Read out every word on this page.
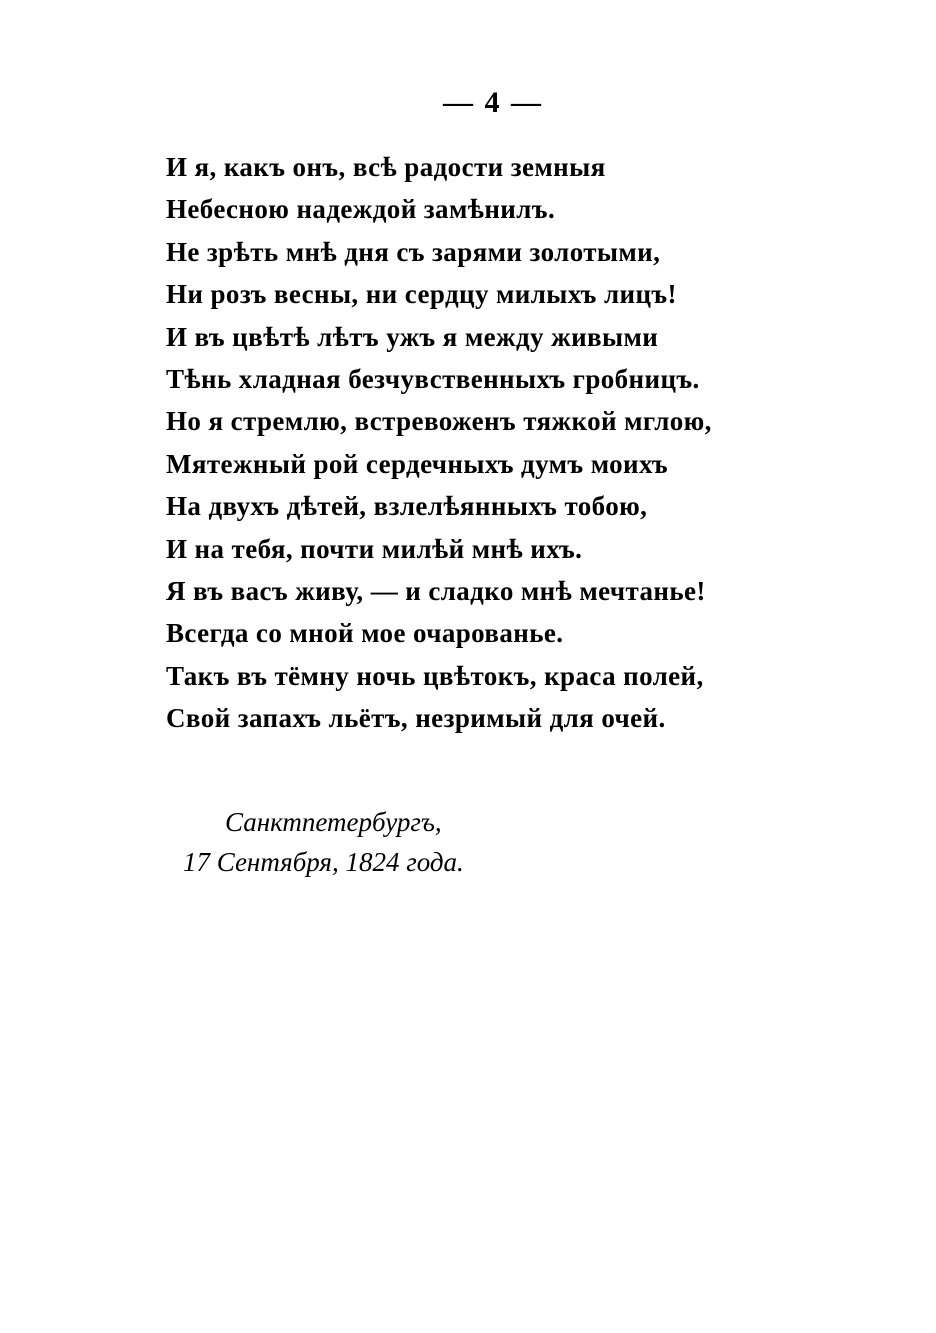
— 4 —
И я, какъ онъ, всѣ радости земныя
Небесною надеждой замѣнилъ.
Не зрѣть мнѣ дня съ зарями золотыми,
Ни розъ весны, ни сердцу милыхъ лицъ!
И въ цвѣтѣ лѣтъ ужъ я между живыми
Тѣнь хладная безчувственныхъ гробницъ.
Но я стремлю, встревоженъ тяжкой мглою,
Мятежный рой сердечныхъ думъ моихъ
На двухъ дѣтей, взлелѣянныхъ тобою,
И на тебя, почти милѣй мнѣ ихъ.
Я въ васъ живу, — и сладко мнѣ мечтанье!
Всегда со мной мое очарованье.
Такъ въ тёмну ночь цвѣтокъ, краса полей,
Свой запахъ льётъ, незримый для очей.
Санктпетербургъ,
17 Сентября, 1824 года.
